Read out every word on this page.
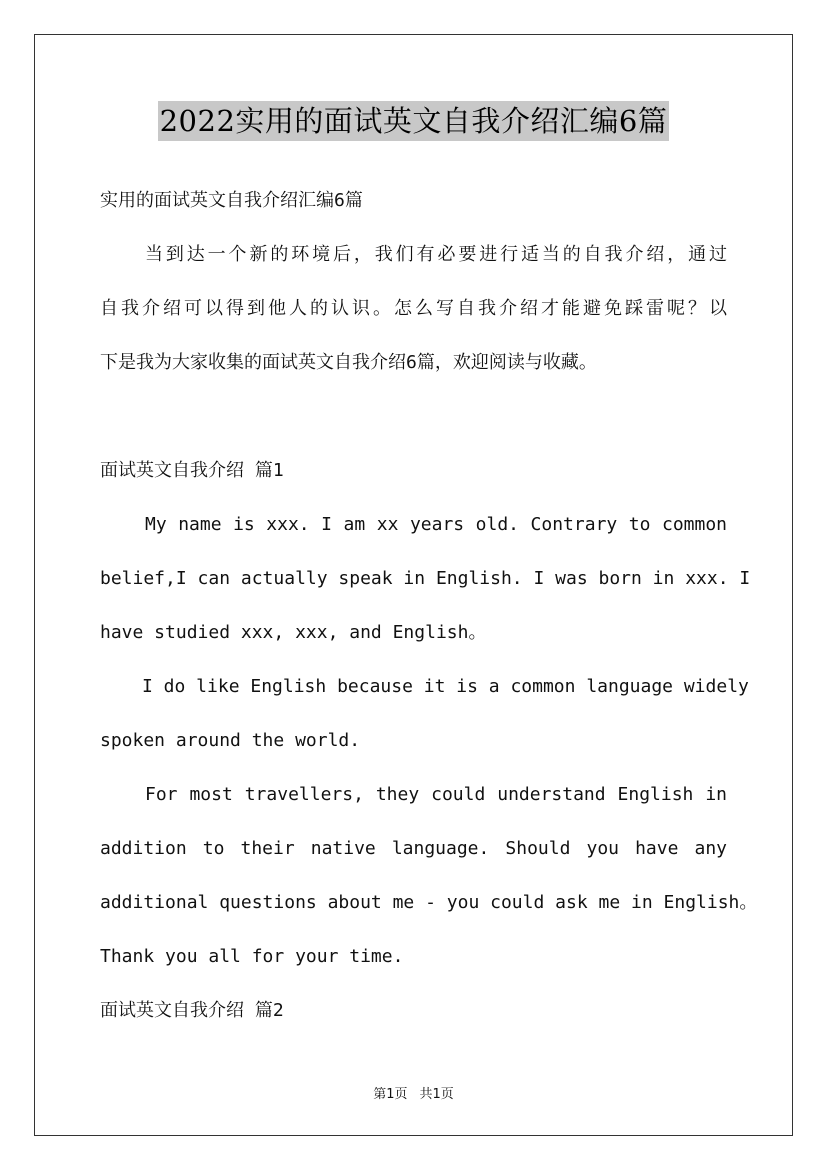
2022实用的面试英文自我介绍汇编6篇

实用的面试英文自我介绍汇编6篇

当到达一个新的环境后，我们有必要进行适当的自我介绍，通过

自我介绍可以得到他人的认识。怎么写自我介绍才能避免踩雷呢？以

下是我为大家收集的面试英文自我介绍6篇，欢迎阅读与收藏。

面试英文自我介绍 篇1

My name is xxx. I am xx years old. Contrary to common

belief,I can actually speak in English. I was born in xxx. I

have studied xxx, xxx, and English。

I do like English because it is a common language widely

spoken around the world.

For most travellers, they could understand English in

addition to their native language. Should you have any

additional questions about me - you could ask me in English。

Thank you all for your time.

面试英文自我介绍 篇2

第1页 共1页
